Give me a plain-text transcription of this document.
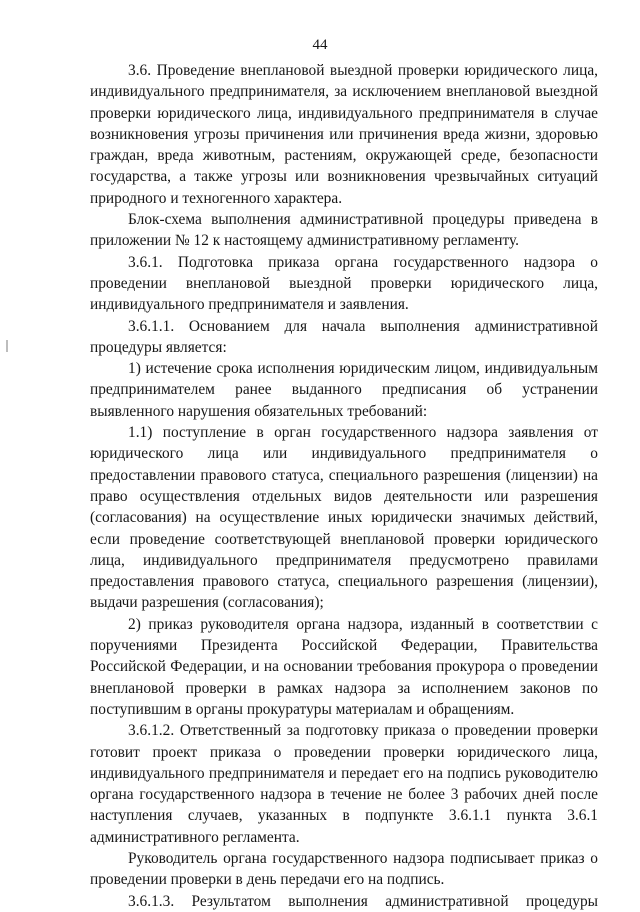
44

3.6. Проведение внеплановой выездной проверки юридического лица, индивидуального предпринимателя, за исключением внеплановой выездной проверки юридического лица, индивидуального предпринимателя в случае возникновения угрозы причинения или причинения вреда жизни, здоровью граждан, вреда животным, растениям, окружающей среде, безопасности государства, а также угрозы или возникновения чрезвычайных ситуаций природного и техногенного характера.

Блок-схема выполнения административной процедуры приведена в приложении № 12 к настоящему административному регламенту.

3.6.1. Подготовка приказа органа государственного надзора о проведении внеплановой выездной проверки юридического лица, индивидуального предпринимателя и заявления.

3.6.1.1. Основанием для начала выполнения административной процедуры является:

1) истечение срока исполнения юридическим лицом, индивидуальным предпринимателем ранее выданного предписания об устранении выявленного нарушения обязательных требований:

1.1) поступление в орган государственного надзора заявления от юридического лица или индивидуального предпринимателя о предоставлении правового статуса, специального разрешения (лицензии) на право осуществления отдельных видов деятельности или разрешения (согласования) на осуществление иных юридически значимых действий, если проведение соответствующей внеплановой проверки юридического лица, индивидуального предпринимателя предусмотрено правилами предоставления правового статуса, специального разрешения (лицензии), выдачи разрешения (согласования);

2) приказ руководителя органа надзора, изданный в соответствии с поручениями Президента Российской Федерации, Правительства Российской Федерации, и на основании требования прокурора о проведении внеплановой проверки в рамках надзора за исполнением законов по поступившим в органы прокуратуры материалам и обращениям.

3.6.1.2. Ответственный за подготовку приказа о проведении проверки готовит проект приказа о проведении проверки юридического лица, индивидуального предпринимателя и передает его на подпись руководителю органа государственного надзора в течение не более 3 рабочих дней после наступления случаев, указанных в подпункте 3.6.1.1 пункта 3.6.1 административного регламента.

Руководитель органа государственного надзора подписывает приказ о проведении проверки в день передачи его на подпись.

3.6.1.3. Результатом выполнения административной процедуры
